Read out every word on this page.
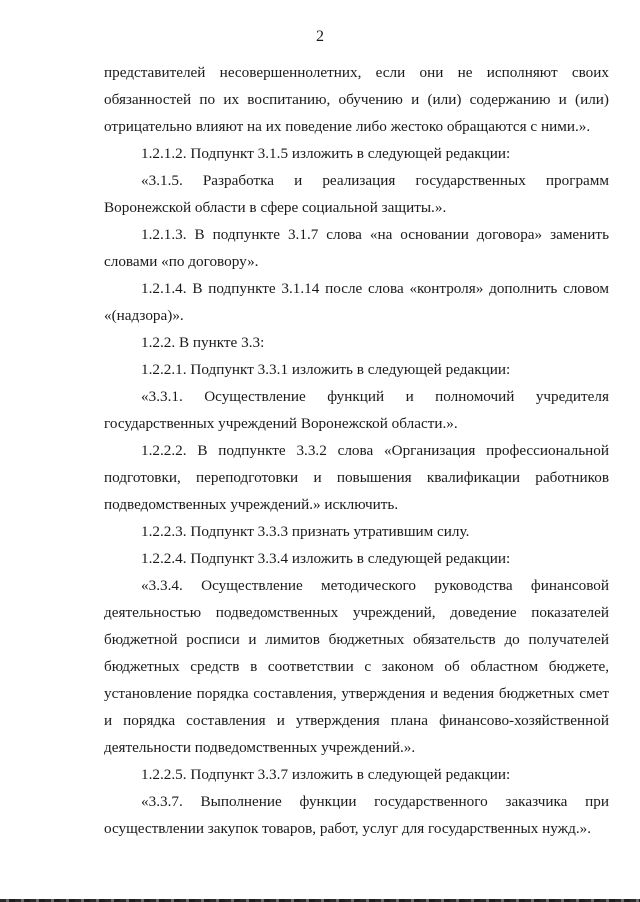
2

представителей несовершеннолетних, если они не исполняют своих

обязанностей по их воспитанию, обучению и (или) содержанию и (или)

отрицательно влияют на их поведение либо жестоко обращаются с ними.».

1.2.1.2. Подпункт 3.1.5 изложить в следующей редакции:

«3.1.5. Разработка и реализация государственных программ

Воронежской области в сфере социальной защиты.».

1.2.1.3. В подпункте 3.1.7 слова «на основании договора» заменить

словами «по договору».

1.2.1.4. В подпункте 3.1.14 после слова «контроля» дополнить словом

«(надзора)».

1.2.2. В пункте 3.3:

1.2.2.1. Подпункт 3.3.1 изложить в следующей редакции:

«3.3.1. Осуществление функций и полномочий учредителя

государственных учреждений Воронежской области.».

1.2.2.2. В подпункте 3.3.2 слова «Организация профессиональной

подготовки, переподготовки и повышения квалификации работников

подведомственных учреждений.» исключить.

1.2.2.3. Подпункт 3.3.3 признать утратившим силу.

1.2.2.4. Подпункт 3.3.4 изложить в следующей редакции:

«3.3.4. Осуществление методического руководства финансовой

деятельностью подведомственных учреждений, доведение показателей

бюджетной росписи и лимитов бюджетных обязательств до получателей

бюджетных средств в соответствии с законом об областном бюджете,

установление порядка составления, утверждения и ведения бюджетных смет

и порядка составления и утверждения плана финансово-хозяйственной

деятельности подведомственных учреждений.».

1.2.2.5. Подпункт 3.3.7 изложить в следующей редакции:

«3.3.7. Выполнение функции государственного заказчика при

осуществлении закупок товаров, работ, услуг для государственных нужд.».
